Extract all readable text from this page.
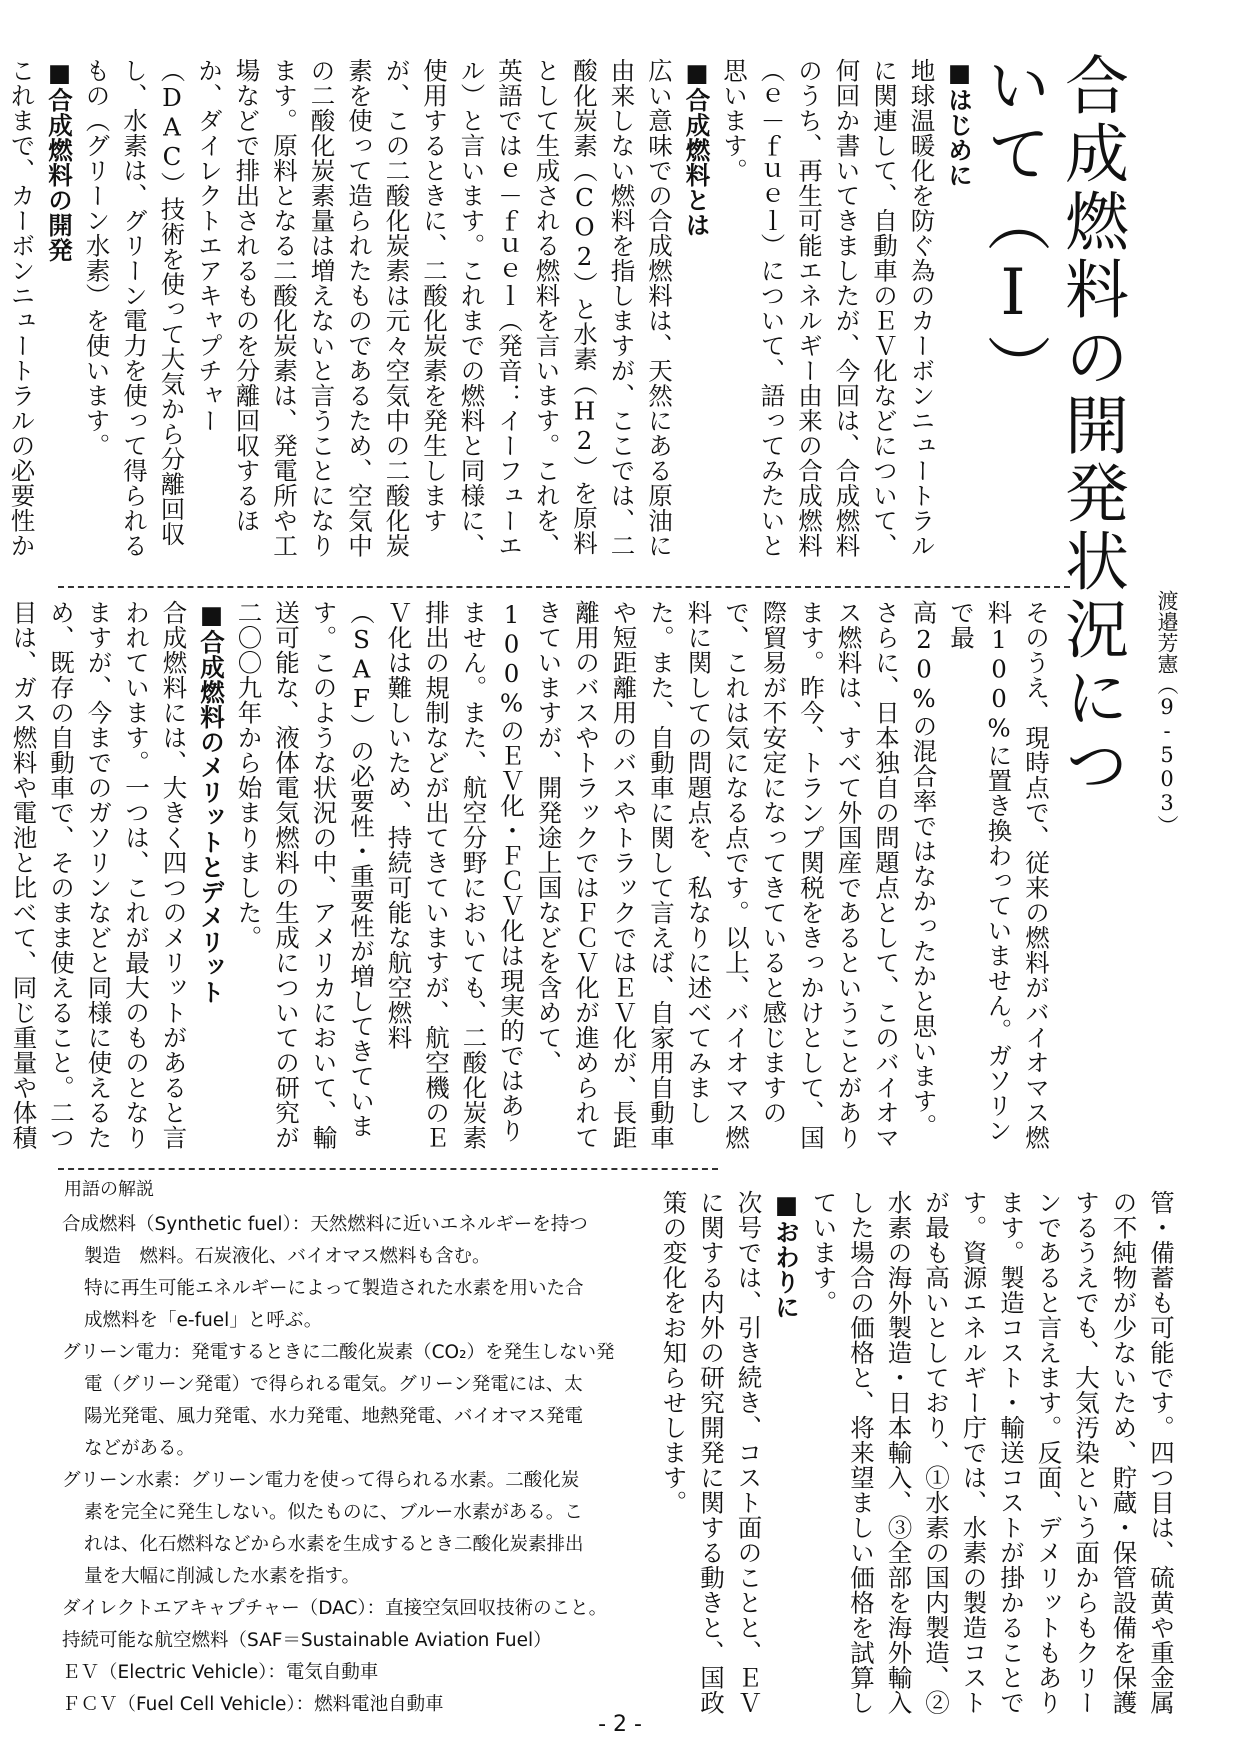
合成燃料の開発状況について（Ⅰ）
渡邉芳憲（9-503）
■はじめに
地球温暖化を防ぐ為のカーボンニュートラルに関連して、自動車のＥＶ化などについて、何回か書いてきましたが、今回は、合成燃料のうち、再生可能エネルギー由来の合成燃料（ｅ－ｆｕｅｌ）について、語ってみたいと思います。
■合成燃料とは
広い意味での合成燃料は、天然にある原油に由来しない燃料を指しますが、ここでは、二酸化炭素（CO2）と水素（H2）を原料として生成される燃料を言います。これを、英語ではｅ－ｆｕｅｌ（発音：イーフューエル）と言います。これまでの燃料と同様に、使用するときに、二酸化炭素を発生しますが、この二酸化炭素は元々空気中の二酸化炭素を使って造られたものであるため、空気中の二酸化炭素量は増えないと言うことになります。原料となる二酸化炭素は、発電所や工場などで排出されるものを分離回収するほか、ダイレクトエアキャプチャー（DAC）技術を使って大気から分離回収し、水素は、グリーン電力を使って得られるもの（グリーン水素）を使います。
■合成燃料の開発
これまで、カーボンニュートラルの必要性か
そのうえ、現時点で、従来の燃料がバイオマス燃料100%に置き換わっていません。ガソリンで最
高20%の混合率ではなかったかと思います。さらに、日本独自の問題点として、このバイオマス燃料は、すべて外国産であるということがあります。昨今、トランプ関税をきっかけとして、国際貿易が不安定になってきていると感じますので、これは気になる点です。以上、バイオマス燃料に関しての問題点を、私なりに述べてみました。また、自動車に関して言えば、自家用自動車や短距離用のバスやトラックではＥＶ化が、長距離用のバスやトラックではＦＣＶ化が進められてきていますが、開発途上国などを含めて、100%のＥＶ化・ＦＣＶ化は現実的ではありません。また、航空分野においても、二酸化炭素排出の規制などが出てきていますが、航空機のＥＶ化は難しいため、持続可能な航空燃料（SAF）の必要性・重要性が増してきています。このような状況の中、アメリカにおいて、輸送可能な、液体電気燃料の生成についての研究が二〇〇九年から始まりました。
■合成燃料のメリットとデメリット
合成燃料には、大きく四つのメリットがあると言われています。一つは、これが最大のものとなりますが、今までのガソリンなどと同様に使えるため、既存の自動車で、そのまま使えること。二つ目は、ガス燃料や電池と比べて、同じ重量や体積
管・備蓄も可能です。四つ目は、硫黄や重金属の不純物が少ないため、貯蔵・保管設備を保護するうえでも、大気汚染という面からもクリーンであると言えます。反面、デメリットもあります。製造コスト・輸送コストが掛かることです。資源エネルギー庁では、水素の製造コストが最も高いとしており、①水素の国内製造、②水素の海外製造・日本輸入、③全部を海外輸入した場合の価格と、将来望ましい価格を試算しています。
■おわりに
次号では、引き続き、コスト面のことと、ＥＶに関する内外の研究開発に関する動きと、国政策の変化をお知らせします。

用語の解説

合成燃料（Synthetic fuel）：天然燃料に近いエネルギーを持つ

製造　燃料。石炭液化、バイオマス燃料も含む。

特に再生可能エネルギーによって製造された水素を用いた合

成燃料を「e-fuel」と呼ぶ。

グリーン電力：発電するときに二酸化炭素（CO₂）を発生しない発

電（グリーン発電）で得られる電気。グリーン発電には、太

陽光発電、風力発電、水力発電、地熱発電、バイオマス発電

などがある。

グリーン水素：グリーン電力を使って得られる水素。二酸化炭

素を完全に発生しない。似たものに、ブルー水素がある。こ

れは、化石燃料などから水素を生成するとき二酸化炭素排出

量を大幅に削減した水素を指す。

ダイレクトエアキャプチャー（DAC）：直接空気回収技術のこと。

持続可能な航空燃料（SAF＝Sustainable Aviation Fuel）

ＥＶ（Electric Vehicle）：電気自動車

ＦＣＶ（Fuel Cell Vehicle）：燃料電池自動車

- 2 -
